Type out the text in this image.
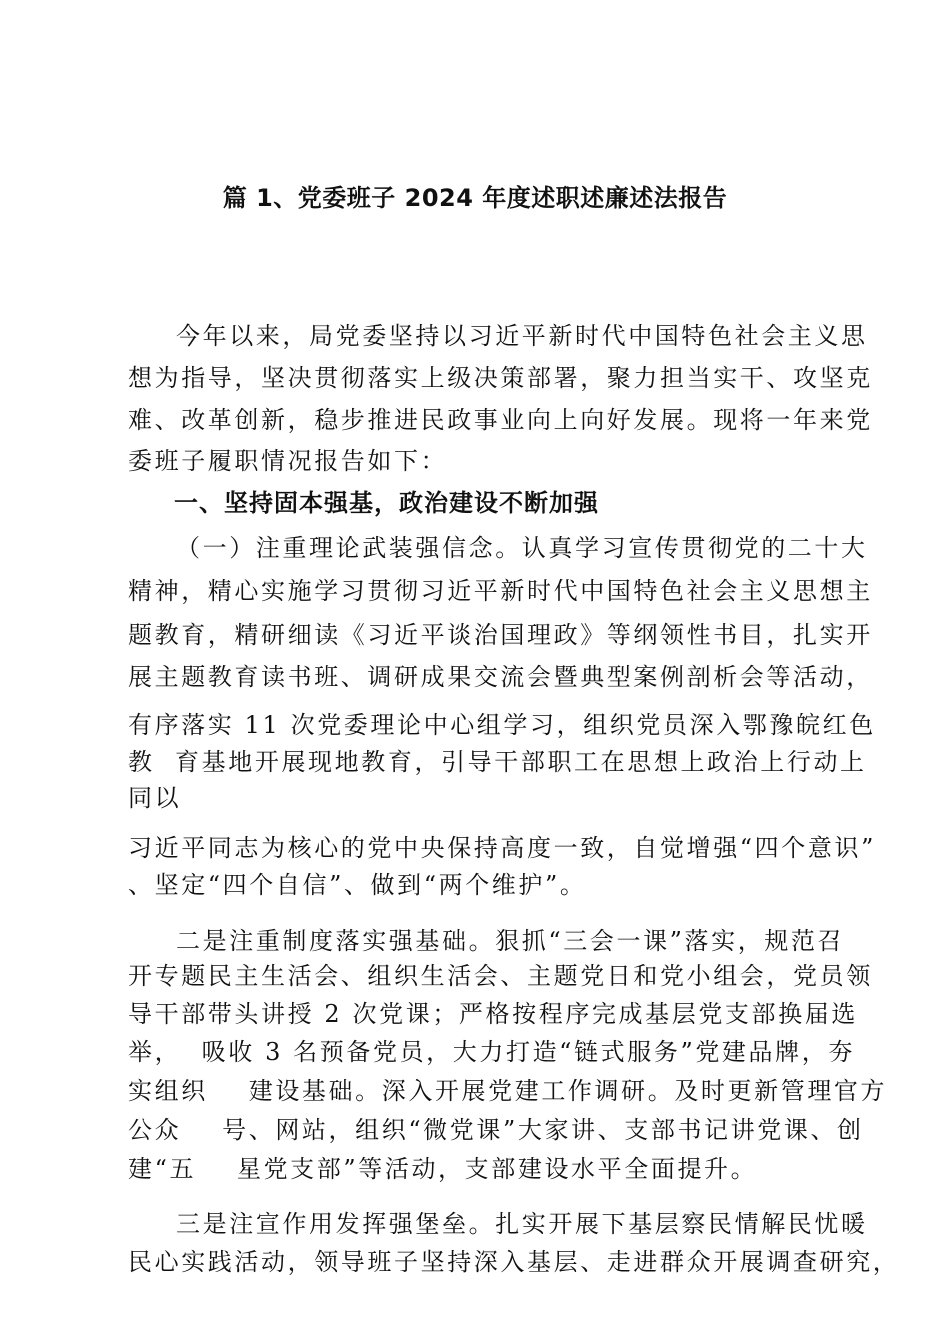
篇 1、党委班子 2024 年度述职述廉述法报告
今年以来，局党委坚持以习近平新时代中国特色社会主义思
想为指导，坚决贯彻落实上级决策部署，聚力担当实干、攻坚克
难、改革创新，稳步推进民政事业向上向好发展。现将一年来党
委班子履职情况报告如下：
一、坚持固本强基，政治建设不断加强
（一）注重理论武装强信念。认真学习宣传贯彻党的二十大
精神，精心实施学习贯彻习近平新时代中国特色社会主义思想主
题教育，精研细读《习近平谈治国理政》等纲领性书目，扎实开
展主题教育读书班、调研成果交流会暨典型案例剖析会等活动，
有序落实 11 次党委理论中心组学习，组织党员深入鄂豫皖红色
教  育基地开展现地教育，引导干部职工在思想上政治上行动上
同以
习近平同志为核心的党中央保持高度一致，自觉增强“四个意识”
、坚定“四个自信”、做到“两个维护”。
二是注重制度落实强基础。狠抓“三会一课”落实，规范召
开专题民主生活会、组织生活会、主题党日和党小组会，党员领
导干部带头讲授 2 次党课；严格按程序完成基层党支部换届选
举，  吸收 3 名预备党员，大力打造“链式服务”党建品牌，夯
实组织    建设基础。深入开展党建工作调研。及时更新管理官方
公众    号、网站，组织“微党课”大家讲、支部书记讲党课、创
建“五    星党支部”等活动，支部建设水平全面提升。
三是注宣作用发挥强堡垒。扎实开展下基层察民情解民忧暖
民心实践活动，领导班子坚持深入基层、走进群众开展调查研究，
